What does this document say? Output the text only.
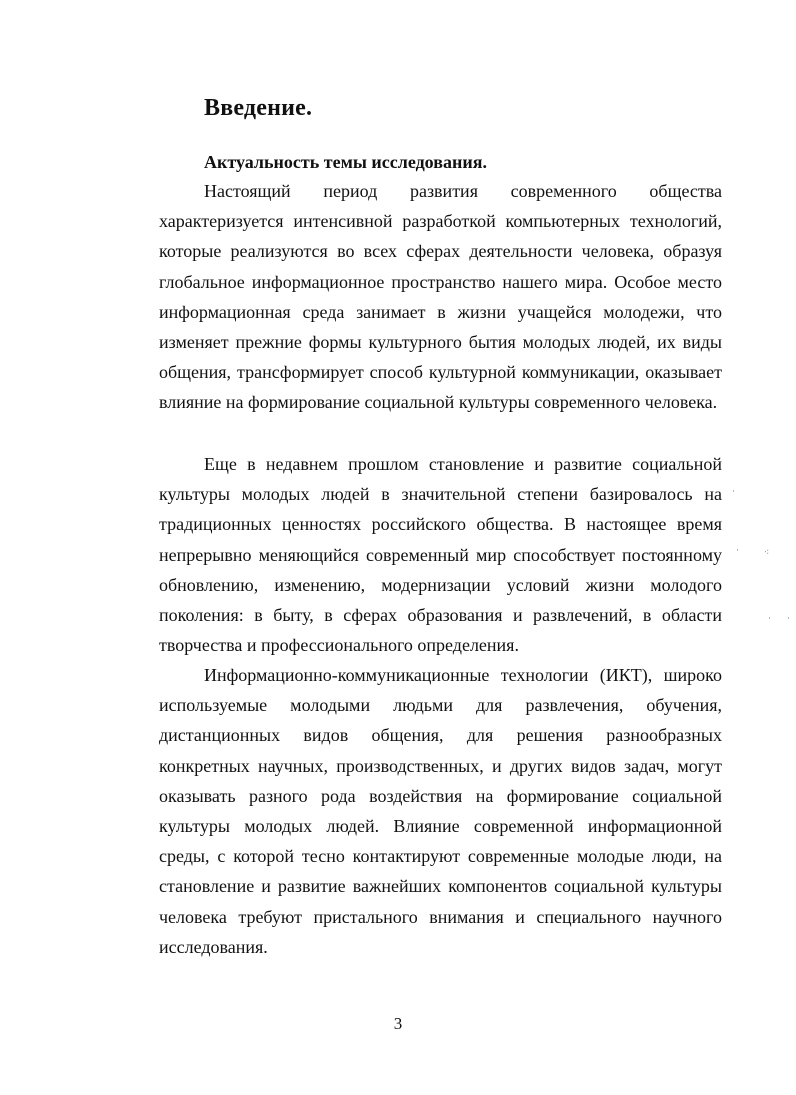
Введение.
Актуальность темы исследования.

Настоящий период развития современного общества характеризуется интенсивной разработкой компьютерных технологий, которые реализуются во всех сферах деятельности человека, образуя глобальное информационное пространство нашего мира. Особое место информационная среда занимает в жизни учащейся молодежи, что изменяет прежние формы культурного бытия молодых людей, их виды общения, трансформирует способ культурной коммуникации, оказывает влияние на формирование социальной культуры современного человека.

Еще в недавнем прошлом становление и развитие социальной культуры молодых людей в значительной степени базировалось на традиционных ценностях российского общества. В настоящее время непрерывно меняющийся современный мир способствует постоянному обновлению, изменению, модернизации условий жизни молодого поколения: в быту, в сферах образования и развлечений, в области творчества и профессионального определения.

Информационно-коммуникационные технологии (ИКТ), широко используемые молодыми людьми для развлечения, обучения, дистанционных видов общения, для решения разнообразных конкретных научных, производственных, и других видов задач, могут оказывать разного рода воздействия на формирование социальной культуры молодых людей. Влияние современной информационной среды, с которой тесно контактируют современные молодые люди, на становление и развитие важнейших компонентов социальной культуры человека требуют пристального внимания и специального научного исследования.

·
·	⁖
· ·

3
